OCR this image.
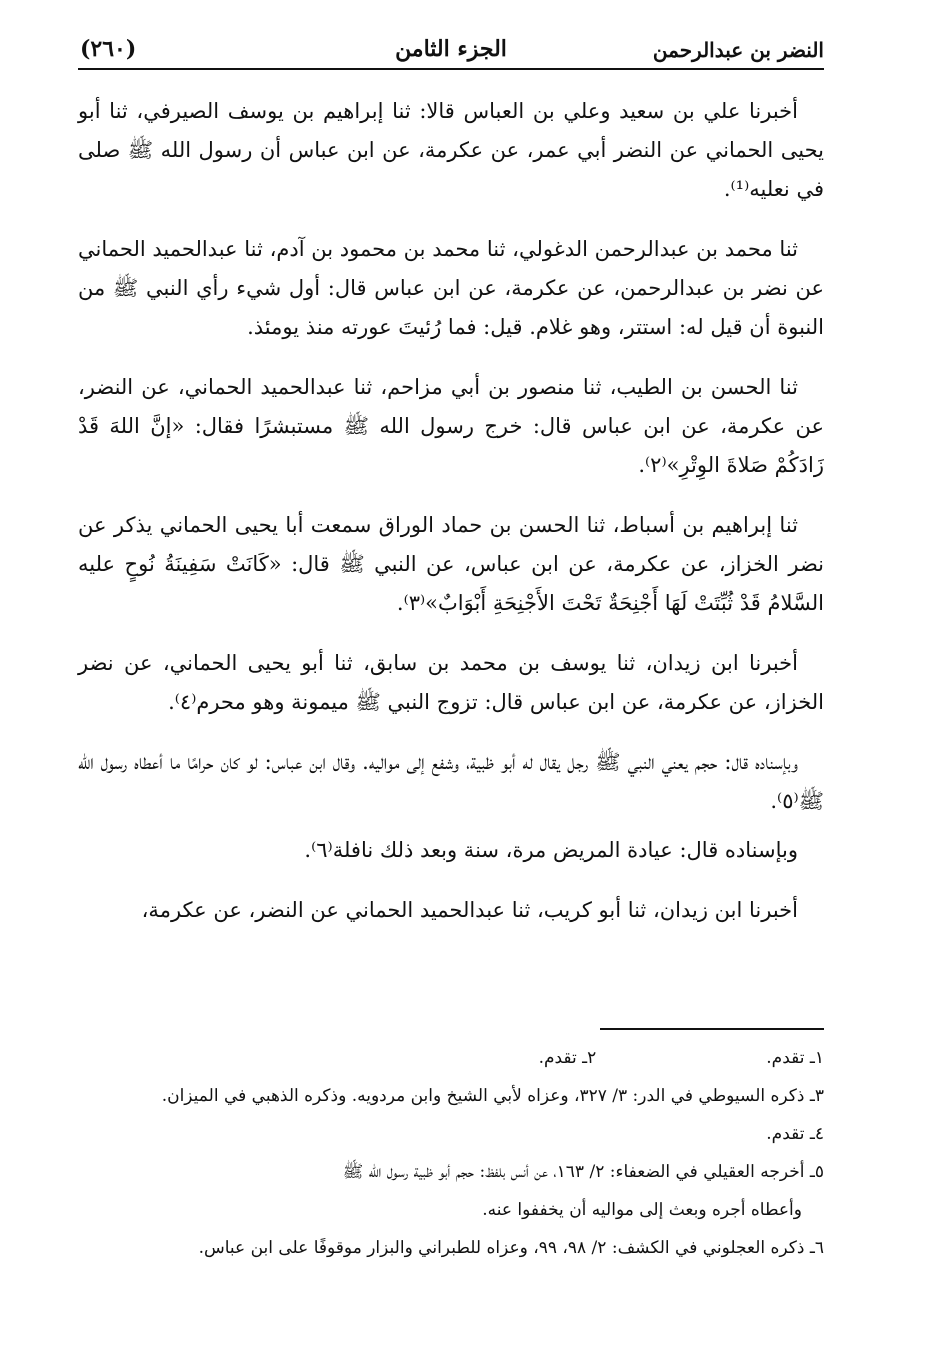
النضر بن عبدالرحمن
الجزء الثامن
(٢٦٠)

أخبرنا علي بن سعيد وعلي بن العباس قالا: ثنا إبراهيم بن يوسف الصيرفي، ثنا أبو يحيى الحماني عن النضر أبي عمر، عن عكرمة، عن ابن عباس أن رسول الله ﷺ صلى في نعليه⁽¹⁾.

ثنا محمد بن عبدالرحمن الدغولي، ثنا محمد بن محمود بن آدم، ثنا عبدالحميد الحماني عن نضر بن عبدالرحمن، عن عكرمة، عن ابن عباس قال: أول شيء رأي النبي ﷺ من النبوة أن قيل له: استتر، وهو غلام. قيل: فما رُئيتَ عورته منذ يومئذ.

ثنا الحسن بن الطيب، ثنا منصور بن أبي مزاحم، ثنا عبدالحميد الحماني، عن النضر، عن عكرمة، عن ابن عباس قال: خرج رسول الله ﷺ مستبشرًا فقال: «إنَّ اللهَ قَدْ زَادَكُمْ صَلاةَ الوِتْرِ»⁽٢⁾.

ثنا إبراهيم بن أسباط، ثنا الحسن بن حماد الوراق سمعت أبا يحيى الحماني يذكر عن نضر الخزاز، عن عكرمة، عن ابن عباس، عن النبي ﷺ قال: «كَانَتْ سَفِينَةُ نُوحٍ عليه السَّلامُ قَدْ ثُبِّتَتْ لَهَا أَجْنِحَةٌ تَحْتَ الأَجْنِحَةِ أَبْوَابٌ»⁽٣⁾.

أخبرنا ابن زيدان، ثنا يوسف بن محمد بن سابق، ثنا أبو يحيى الحماني، عن نضر الخزاز، عن عكرمة، عن ابن عباس قال: تزوج النبي ﷺ ميمونة وهو محرم⁽٤⁾.

وبإسناده قال: حجم يعني النبي ﷺ رجل يقال له أبو ظبية، وشفع إلى مواليه. وقال ابن عباس: لو كان حرامًا ما أعطاه رسول الله ﷺ⁽٥⁾.

وبإسناده قال: عيادة المريض مرة، سنة وبعد ذلك نافلة⁽٦⁾.

أخبرنا ابن زيدان، ثنا أبو كريب، ثنا عبدالحميد الحماني عن النضر، عن عكرمة،

١ـ تقدم.

٢ـ تقدم.

٣ـ ذكره السيوطي في الدر: ٣/ ٣٢٧، وعزاه لأبي الشيخ وابن مردويه. وذكره الذهبي في الميزان.

٤ـ تقدم.

٥ـ أخرجه العقيلي في الضعفاء: ٢/ ١٦٣، عن أنس بلفظ: حجم أبو ظبية رسول الله ﷺ

وأعطاه أجره وبعث إلى مواليه أن يخففوا عنه.

٦ـ ذكره العجلوني في الكشف: ٢/ ٩٨، ٩٩، وعزاه للطبراني والبزار موقوفًا على ابن عباس.
